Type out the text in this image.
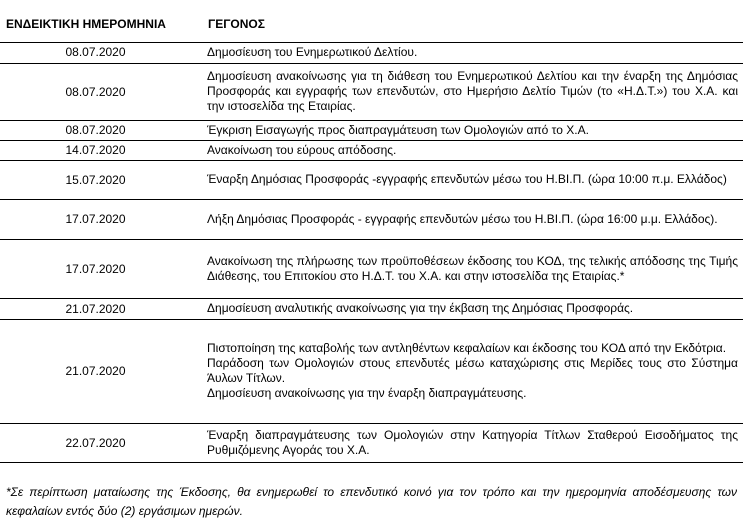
ΕΝΔΕΙΚΤΙΚΗ ΗΜΕΡΟΜΗΝΙΑ	ΓΕΓΟΝΟΣ
08.07.2020		Δημοσίευση του Ενημερωτικού Δελτίου.

08.07.2020		Δημοσίευση ανακοίνωσης για τη διάθεση του Ενημερωτικού Δελτίου και την έναρξη της Δημόσιας Προσφοράς και εγγραφής των επενδυτών, στο Ημερήσιο Δελτίο Τιμών (το «Η.Δ.Τ.») του Χ.Α. και την ιστοσελίδα της Εταιρίας.

08.07.2020		Έγκριση Εισαγωγής προς διαπραγμάτευση των Ομολογιών από το Χ.Α.

14.07.2020		Ανακοίνωση του εύρους απόδοσης.

15.07.2020		Έναρξη Δημόσιας Προσφοράς -εγγραφής επενδυτών μέσω του Η.ΒΙ.Π. (ώρα 10:00 π.μ. Ελλάδος)

17.07.2020		Λήξη Δημόσιας Προσφοράς - εγγραφής επενδυτών μέσω του Η.ΒΙ.Π. (ώρα 16:00 μ.μ. Ελλάδος).

17.07.2020		Ανακοίνωση της πλήρωσης των προϋποθέσεων έκδοσης του ΚΟΔ, της τελικής απόδοσης της Τιμής Διάθεσης, του Επιτοκίου στο Η.Δ.Τ. του Χ.Α. και στην ιστοσελίδα της Εταιρίας.*

21.07.2020		Δημοσίευση αναλυτικής ανακοίνωσης για την έκβαση της Δημόσιας Προσφοράς.

21.07.2020		Πιστοποίηση της καταβολής των αντληθέντων κεφαλαίων και έκδοσης του ΚΟΔ από την Εκδότρια.

Παράδοση των Ομολογιών στους επενδυτές μέσω καταχώρισης στις Μερίδες τους στο Σύστημα Άυλων Τίτλων.

Δημοσίευση ανακοίνωσης για την έναρξη διαπραγμάτευσης.

22.07.2020		Έναρξη διαπραγμάτευσης των Ομολογιών στην Κατηγορία Τίτλων Σταθερού Εισοδήματος της Ρυθμιζόμενης Αγοράς του Χ.Α.

*Σε περίπτωση ματαίωσης της Έκδοσης, θα ενημερωθεί το επενδυτικό κοινό για τον τρόπο και την ημερομηνία αποδέσμευσης των κεφαλαίων εντός δύο (2) εργάσιμων ημερών.
